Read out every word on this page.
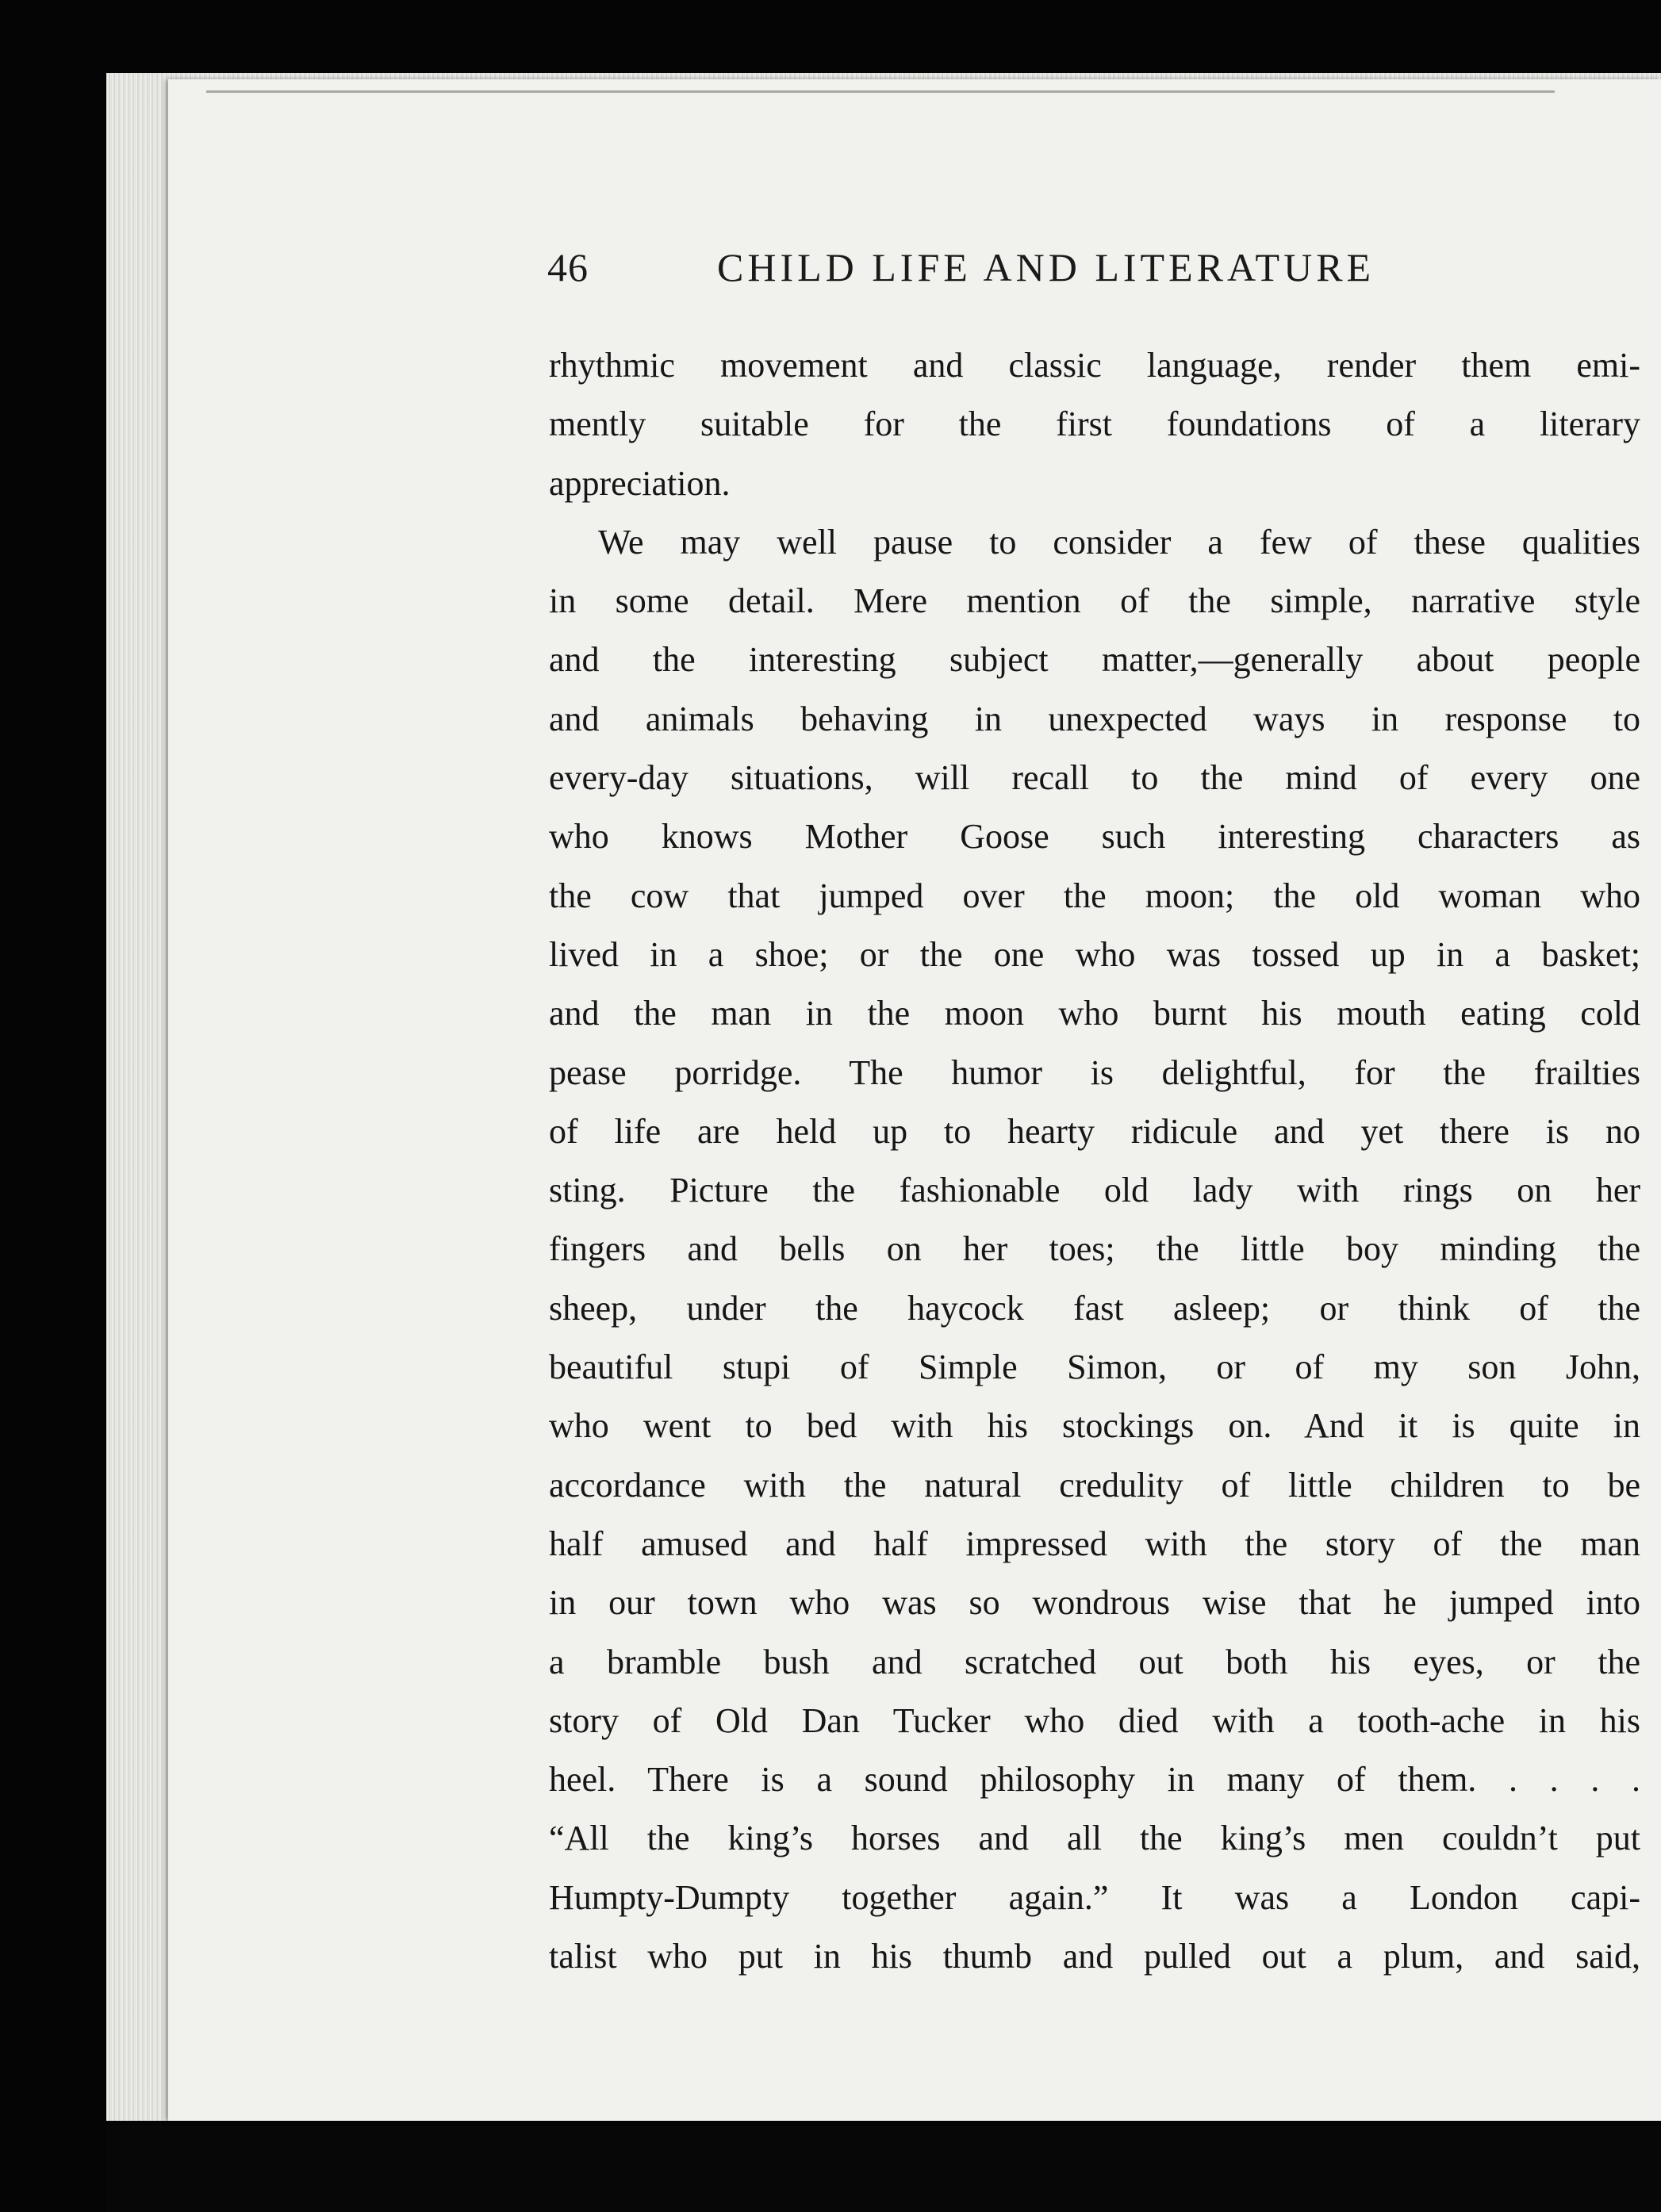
46	CHILD LIFE AND LITERATURE
rhythmic movement and classic language, render them emi-
mently suitable for the first foundations of a literary
appreciation.
We may well pause to consider a few of these qualities
in some detail. Mere mention of the simple, narrative style
and the interesting subject matter,—generally about people
and animals behaving in unexpected ways in response to
every-day situations, will recall to the mind of every one
who knows Mother Goose such interesting characters as
the cow that jumped over the moon; the old woman who
lived in a shoe; or the one who was tossed up in a basket;
and the man in the moon who burnt his mouth eating cold
pease porridge. The humor is delightful, for the frailties
of life are held up to hearty ridicule and yet there is no
sting. Picture the fashionable old lady with rings on her
fingers and bells on her toes; the little boy minding the
sheep, under the haycock fast asleep; or think of the
beautiful stupi of Simple Simon, or of my son John,
who went to bed with his stockings on. And it is quite in
accordance with the natural credulity of little children to be
half amused and half impressed with the story of the man
in our town who was so wondrous wise that he jumped into
a bramble bush and scratched out both his eyes, or the
story of Old Dan Tucker who died with a tooth-ache in his
heel. There is a sound philosophy in many of them. . . . .
“All the king’s horses and all the king’s men couldn’t put
Humpty-Dumpty together again.” It was a London capi-
talist who put in his thumb and pulled out a plum, and said,
